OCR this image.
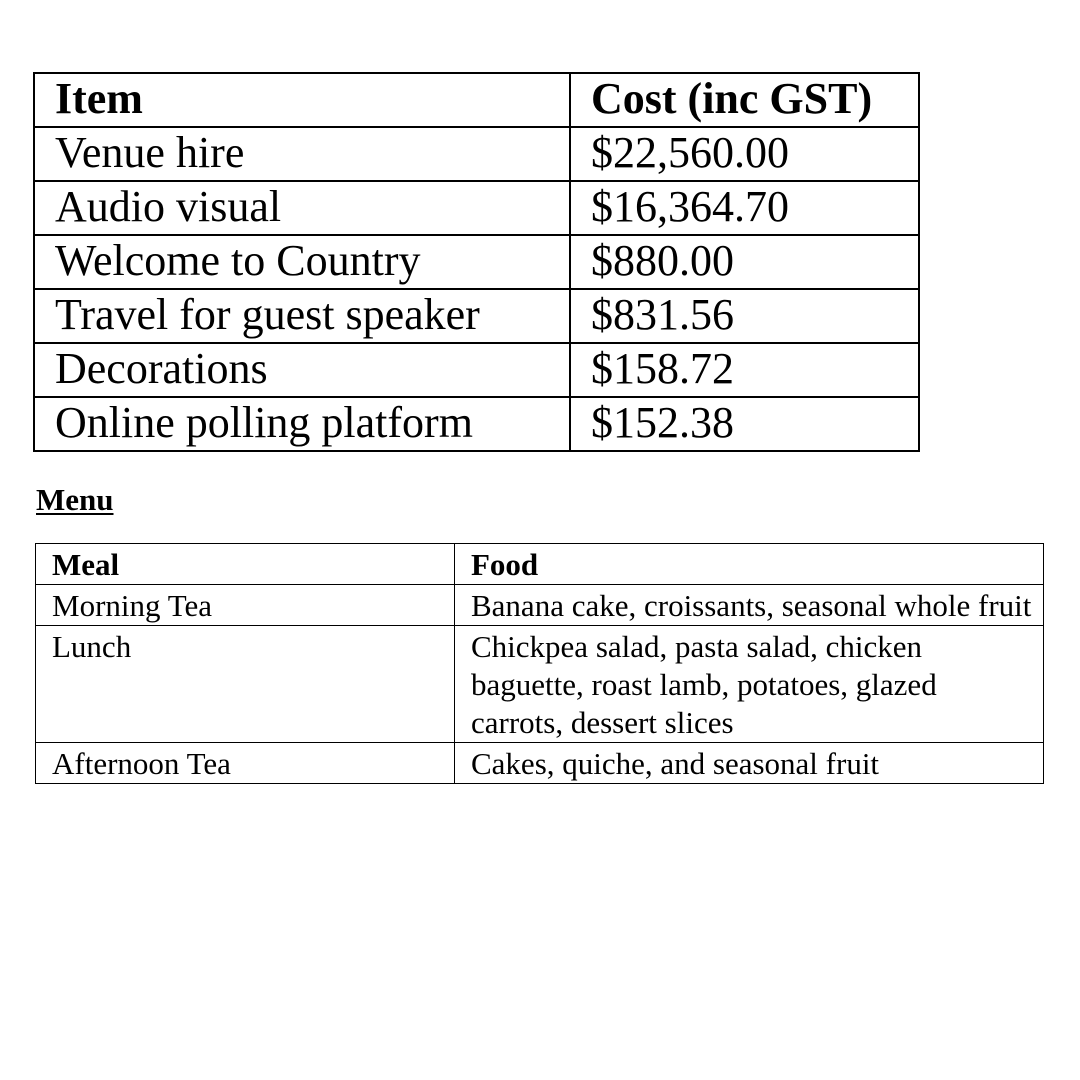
Item	Cost (inc GST)
Venue hire	$22,560.00
Audio visual	$16,364.70
Welcome to Country	$880.00
Travel for guest speaker	$831.56
Decorations	$158.72
Online polling platform	$152.38
Menu
Meal	Food
Morning Tea	Banana cake, croissants, seasonal whole fruit
Lunch	Chickpea salad, pasta salad, chicken baguette, roast lamb, potatoes, glazed carrots, dessert slices
Afternoon Tea	Cakes, quiche, and seasonal fruit
